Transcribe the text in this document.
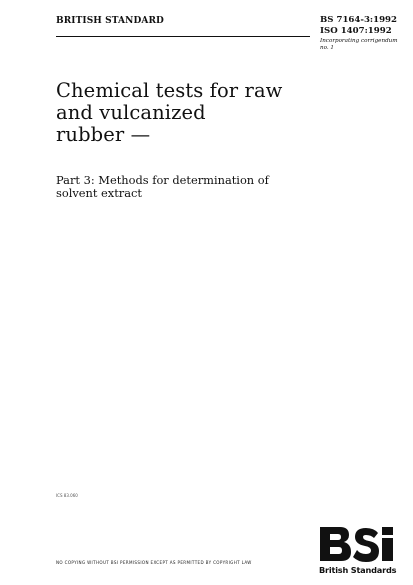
BRITISH STANDARD	BS 7164-3:1992
ISO 1407:1992
Incorporating corrigendum no. 1
Chemical tests for raw
and vulcanized
rubber —
Part 3: Methods for determination of
solvent extract
ICS 83.060
NO COPYING WITHOUT BSI PERMISSION EXCEPT AS PERMITTED BY COPYRIGHT LAW
British Standards
